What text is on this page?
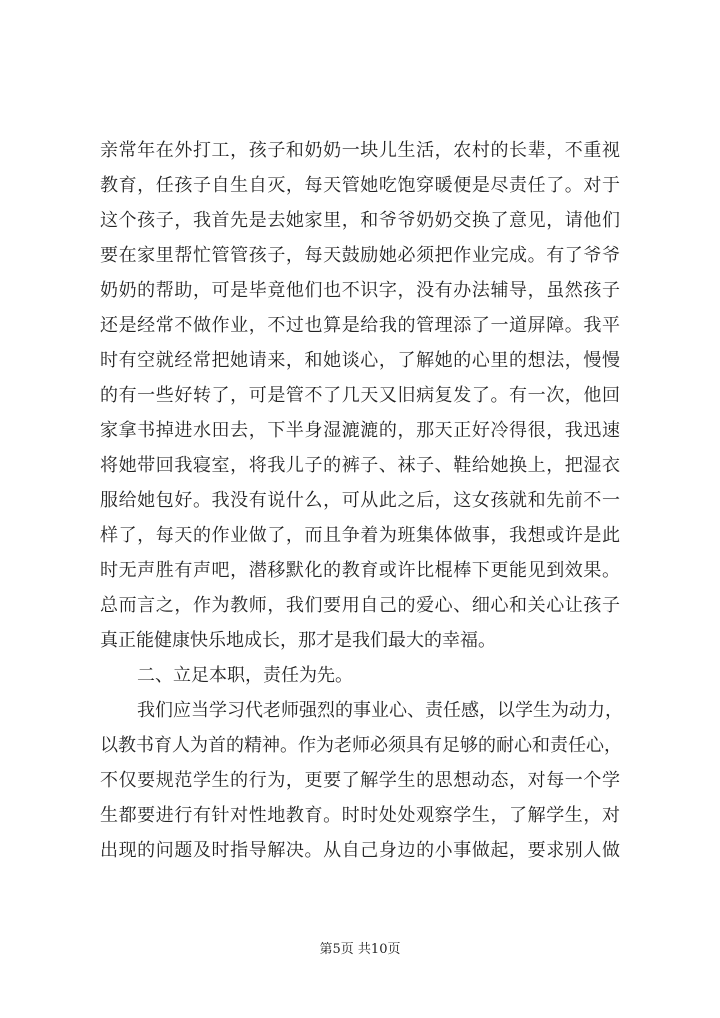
亲常年在外打工，孩子和奶奶一块儿生活，农村的长辈，不重视
教育，任孩子自生自灭，每天管她吃饱穿暖便是尽责任了。对于
这个孩子，我首先是去她家里，和爷爷奶奶交换了意见，请他们
要在家里帮忙管管孩子，每天鼓励她必须把作业完成。有了爷爷
奶奶的帮助，可是毕竟他们也不识字，没有办法辅导，虽然孩子
还是经常不做作业，不过也算是给我的管理添了一道屏障。我平
时有空就经常把她请来，和她谈心，了解她的心里的想法，慢慢
的有一些好转了，可是管不了几天又旧病复发了。有一次，他回
家拿书掉进水田去，下半身湿漉漉的，那天正好冷得很，我迅速
将她带回我寝室，将我儿子的裤子、袜子、鞋给她换上，把湿衣
服给她包好。我没有说什么，可从此之后，这女孩就和先前不一
样了，每天的作业做了，而且争着为班集体做事，我想或许是此
时无声胜有声吧，潜移默化的教育或许比棍棒下更能见到效果。
总而言之，作为教师，我们要用自己的爱心、细心和关心让孩子
真正能健康快乐地成长，那才是我们最大的幸福。
二、立足本职，责任为先。
我们应当学习代老师强烈的事业心、责任感，以学生为动力，
以教书育人为首的精神。作为老师必须具有足够的耐心和责任心，
不仅要规范学生的行为，更要了解学生的思想动态，对每一个学
生都要进行有针对性地教育。时时处处观察学生，了解学生，对
出现的问题及时指导解决。从自己身边的小事做起，要求别人做
第5页 共10页
